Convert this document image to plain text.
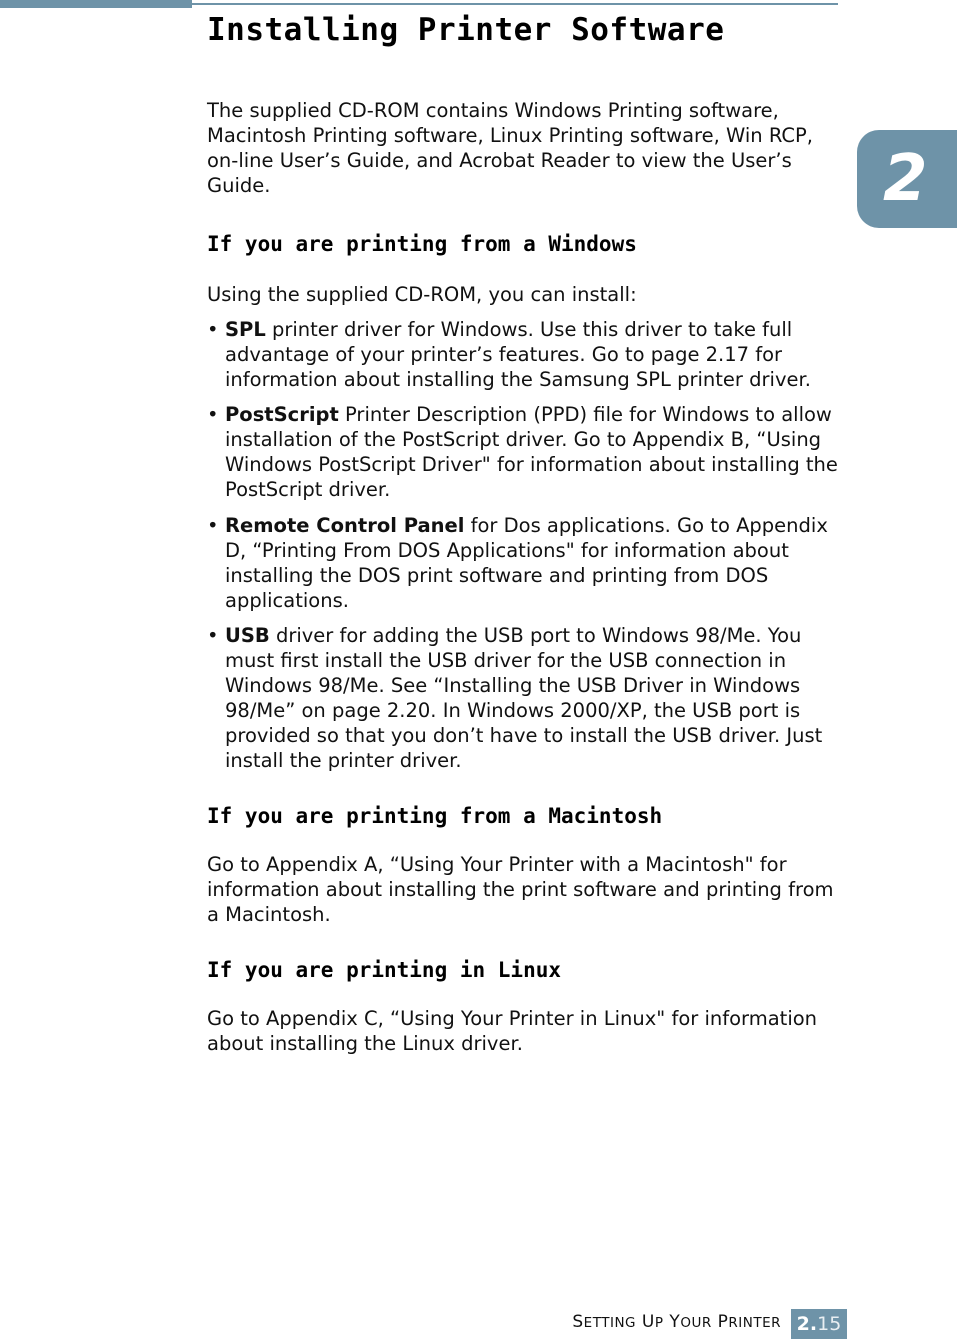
2
Installing Printer Software

The supplied CD-ROM contains Windows Printing software, Macintosh Printing software, Linux Printing software, Win RCP, on-line User’s Guide, and Acrobat Reader to view the User’s Guide.

If you are printing from a Windows

Using the supplied CD-ROM, you can install:

• SPL printer driver for Windows. Use this driver to take full advantage of your printer’s features. Go to page 2.17 for information about installing the Samsung SPL printer driver.
• PostScript Printer Description (PPD) file for Windows to allow installation of the PostScript driver. Go to Appendix B, “Using Windows PostScript Driver" for information about installing the PostScript driver.
• Remote Control Panel for Dos applications. Go to Appendix D, “Printing From DOS Applications" for information about installing the DOS print software and printing from DOS applications.
• USB driver for adding the USB port to Windows 98/Me. You must first install the USB driver for the USB connection in Windows 98/Me. See “Installing the USB Driver in Windows 98/Me” on page 2.20. In Windows 2000/XP, the USB port is provided so that you don’t have to install the USB driver. Just install the printer driver.
If you are printing from a Macintosh

Go to Appendix A, “Using Your Printer with a Macintosh" for information about installing the print software and printing from a Macintosh.

If you are printing in Linux

Go to Appendix C, “Using Your Printer in Linux" for information about installing the Linux driver.

SETTING UP YOUR PRINTER 2.15
